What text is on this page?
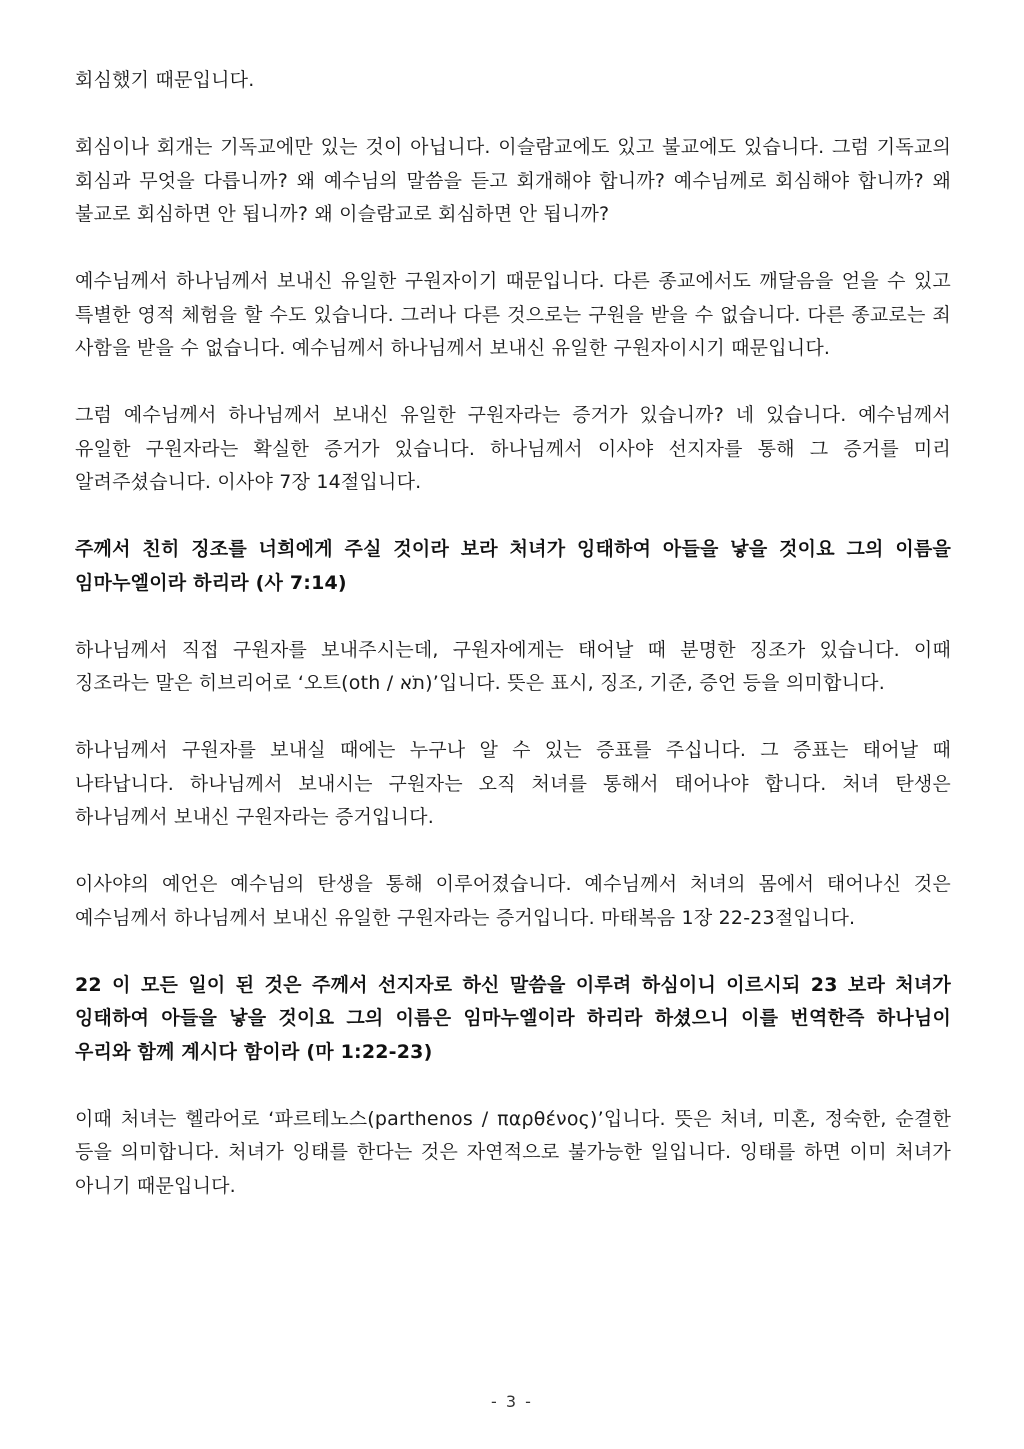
회심했기 때문입니다.

회심이나 회개는 기독교에만 있는 것이 아닙니다. 이슬람교에도 있고 불교에도 있습니다. 그럼 기독교의 회심과 무엇을 다릅니까? 왜 예수님의 말씀을 듣고 회개해야 합니까? 예수님께로 회심해야 합니까? 왜 불교로 회심하면 안 됩니까? 왜 이슬람교로 회심하면 안 됩니까?

예수님께서 하나님께서 보내신 유일한 구원자이기 때문입니다. 다른 종교에서도 깨달음을 얻을 수 있고 특별한 영적 체험을 할 수도 있습니다. 그러나 다른 것으로는 구원을 받을 수 없습니다. 다른 종교로는 죄 사함을 받을 수 없습니다. 예수님께서 하나님께서 보내신 유일한 구원자이시기 때문입니다.

그럼 예수님께서 하나님께서 보내신 유일한 구원자라는 증거가 있습니까? 네 있습니다. 예수님께서 유일한 구원자라는 확실한 증거가 있습니다. 하나님께서 이사야 선지자를 통해 그 증거를 미리 알려주셨습니다. 이사야 7장 14절입니다.

주께서 친히 징조를 너희에게 주실 것이라 보라 처녀가 잉태하여 아들을 낳을 것이요 그의 이름을 임마누엘이라 하리라 (사 7:14)

하나님께서 직접 구원자를 보내주시는데, 구원자에게는 태어날 때 분명한 징조가 있습니다. 이때 징조라는 말은 히브리어로 ‘오트(oth / תֹא)’입니다. 뜻은 표시, 징조, 기준, 증언 등을 의미합니다.

하나님께서 구원자를 보내실 때에는 누구나 알 수 있는 증표를 주십니다. 그 증표는 태어날 때 나타납니다. 하나님께서 보내시는 구원자는 오직 처녀를 통해서 태어나야 합니다. 처녀 탄생은 하나님께서 보내신 구원자라는 증거입니다.

이사야의 예언은 예수님의 탄생을 통해 이루어졌습니다. 예수님께서 처녀의 몸에서 태어나신 것은 예수님께서 하나님께서 보내신 유일한 구원자라는 증거입니다. 마태복음 1장 22-23절입니다.

22 이 모든 일이 된 것은 주께서 선지자로 하신 말씀을 이루려 하심이니 이르시되 23 보라 처녀가 잉태하여 아들을 낳을 것이요 그의 이름은 임마누엘이라 하리라 하셨으니 이를 번역한즉 하나님이 우리와 함께 계시다 함이라 (마 1:22-23)

이때 처녀는 헬라어로 ‘파르테노스(parthenos / παρθένος)’입니다. 뜻은 처녀, 미혼, 정숙한, 순결한 등을 의미합니다. 처녀가 잉태를 한다는 것은 자연적으로 불가능한 일입니다. 잉태를 하면 이미 처녀가 아니기 때문입니다.

- 3 -
